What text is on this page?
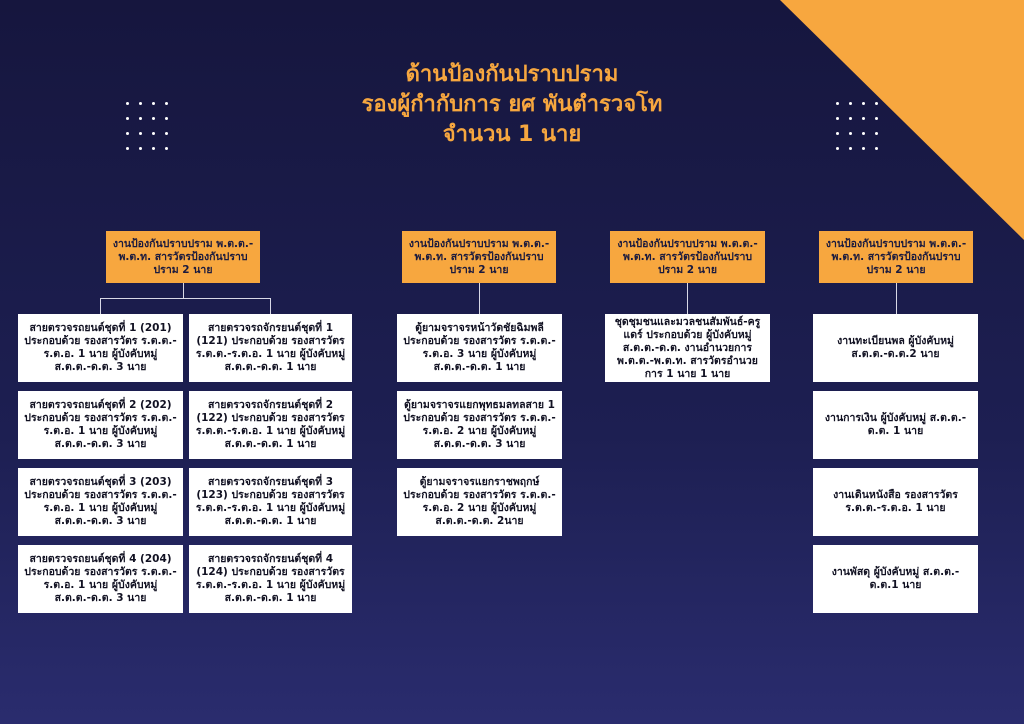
ด้านป้องกันปราบปราม
รองผู้กำกับการ ยศ พันตำรวจโท
จำนวน 1 นาย
งานป้องกันปราบปราม พ.ต.ต.-พ.ต.ท. สารวัตรป้องกันปราบปราม 2 นาย
สายตรวจรถยนต์ชุดที่ 1 (201) ประกอบด้วย รองสารวัตร ร.ต.ต.-ร.ต.อ. 1 นาย ผู้บังคับหมู่ ส.ต.ต.-ด.ต. 3 นาย
สายตรวจรถยนต์ชุดที่ 2 (202) ประกอบด้วย รองสารวัตร ร.ต.ต.-ร.ต.อ. 1 นาย ผู้บังคับหมู่ ส.ต.ต.-ด.ต. 3 นาย
สายตรวจรถยนต์ชุดที่ 3 (203) ประกอบด้วย รองสารวัตร ร.ต.ต.-ร.ต.อ. 1 นาย ผู้บังคับหมู่ ส.ต.ต.-ด.ต. 3 นาย
สายตรวจรถยนต์ชุดที่ 4 (204) ประกอบด้วย รองสารวัตร ร.ต.ต.-ร.ต.อ. 1 นาย ผู้บังคับหมู่ ส.ต.ต.-ด.ต. 3 นาย
สายตรวจรถจักรยนต์ชุดที่ 1 (121) ประกอบด้วย รองสารวัตร ร.ต.ต.-ร.ต.อ. 1 นาย ผู้บังคับหมู่ ส.ต.ต.-ด.ต. 1 นาย
สายตรวจรถจักรยนต์ชุดที่ 2 (122) ประกอบด้วย รองสารวัตร ร.ต.ต.-ร.ต.อ. 1 นาย ผู้บังคับหมู่ ส.ต.ต.-ด.ต. 1 นาย
สายตรวจรถจักรยนต์ชุดที่ 3 (123) ประกอบด้วย รองสารวัตร ร.ต.ต.-ร.ต.อ. 1 นาย ผู้บังคับหมู่ ส.ต.ต.-ด.ต. 1 นาย
สายตรวจรถจักรยนต์ชุดที่ 4 (124) ประกอบด้วย รองสารวัตร ร.ต.ต.-ร.ต.อ. 1 นาย ผู้บังคับหมู่ ส.ต.ต.-ด.ต. 1 นาย
งานป้องกันปราบปราม พ.ต.ต.-พ.ต.ท. สารวัตรป้องกันปราบปราม 2 นาย
ตู้ยามจราจรหน้าวัดชัยฉิมพลี ประกอบด้วย รองสารวัตร ร.ต.ต.-ร.ต.อ. 3 นาย ผู้บังคับหมู่ ส.ต.ต.-ด.ต. 1 นาย
ตู้ยามจราจรแยกพุทธมลทลสาย 1 ประกอบด้วย รองสารวัตร ร.ต.ต.-ร.ต.อ. 2 นาย ผู้บังคับหมู่ ส.ต.ต.-ด.ต. 3 นาย
ตู้ยามจราจรแยกราชพฤกษ์ ประกอบด้วย รองสารวัตร ร.ต.ต.-ร.ต.อ. 2 นาย ผู้บังคับหมู่ ส.ต.ต.-ด.ต. 2นาย
งานป้องกันปราบปราม พ.ต.ต.-พ.ต.ท. สารวัตรป้องกันปราบปราม 2 นาย
ชุดชุมชนและมวลชนสัมพันธ์-ครูแดร์ ประกอบด้วย ผู้บังคับหมู่ ส.ต.ต.-ด.ต. งานอำนวยการ พ.ต.ต.-พ.ต.ท. สารวัตรอำนวยการ 1 นาย 1 นาย
งานป้องกันปราบปราม พ.ต.ต.-พ.ต.ท. สารวัตรป้องกันปราบปราม 2 นาย
งานทะเบียนพล ผู้บังคับหมู่ ส.ต.ต.-ด.ต.2 นาย
งานการเงิน ผู้บังคับหมู่ ส.ต.ต.-ด.ต. 1 นาย
งานเดินหนังสือ รองสารวัตร ร.ต.ต.-ร.ต.อ. 1 นาย
งานพัสดุ ผู้บังคับหมู่ ส.ต.ต.-ด.ต.1 นาย
